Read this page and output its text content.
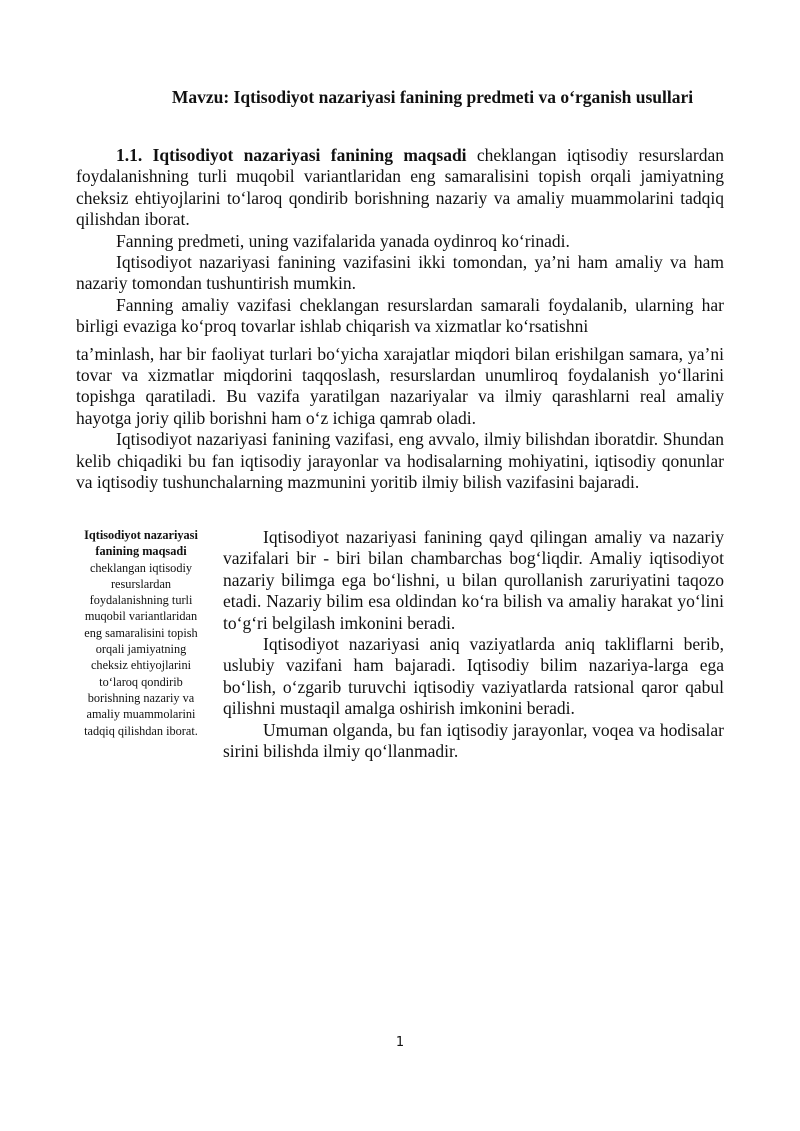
Mavzu: Iqtisodiyot nazariyasi fanining predmeti va o‘rganish usullari

1.1. Iqtisodiyot nazariyasi fanining maqsadi cheklangan iqtisodiy resurslardan foydalanishning turli muqobil variantlaridan eng samaralisini topish orqali jamiyatning cheksiz ehtiyojlarini to‘laroq qondirib borishning nazariy va amaliy muammolarini tadqiq qilishdan iborat.

Fanning predmeti, uning vazifalarida yanada oydinroq ko‘rinadi.

Iqtisodiyot nazariyasi fanining vazifasini ikki tomondan, ya’ni ham amaliy va ham nazariy tomondan tushuntirish mumkin.

Fanning amaliy vazifasi cheklangan resurslardan samarali foydalanib, ularning har birligi evaziga ko‘proq tovarlar ishlab chiqarish va xizmatlar ko‘rsatishni

ta’minlash, har bir faoliyat turlari bo‘yicha xarajatlar miqdori bilan erishilgan samara, ya’ni tovar va xizmatlar miqdorini taqqoslash, resurslardan unumliroq foydalanish yo‘llarini topishga qaratiladi. Bu vazifa yaratilgan nazariyalar va ilmiy qarashlarni real amaliy hayotga joriy qilib borishni ham o‘z ichiga qamrab oladi.

Iqtisodiyot nazariyasi fanining vazifasi, eng avvalo, ilmiy bilishdan iboratdir. Shundan kelib chiqadiki bu fan iqtisodiy jarayonlar va hodisalarning mohiyatini, iqtisodiy qonunlar va iqtisodiy tushunchalarning mazmunini yoritib ilmiy bilish vazifasini bajaradi.

Iqtisodiyot nazariyasi fanining maqsadi cheklangan iqtisodiy resurslardan foydalanishning turli muqobil variantlaridan eng samaralisini topish orqali jamiyatning cheksiz ehtiyojlarini to‘laroq qondirib borishning nazariy va amaliy muammolarini tadqiq qilishdan iborat.

Iqtisodiyot nazariyasi fanining qayd qilingan amaliy va nazariy vazifalari bir - biri bilan chambarchas bog‘liqdir. Amaliy iqtisodiyot nazariy bilimga ega bo‘lishni, u bilan qurollanish zaruriyatini taqozo etadi. Nazariy bilim esa oldindan ko‘ra bilish va amaliy harakat yo‘lini to‘g‘ri belgilash imkonini beradi.

Iqtisodiyot nazariyasi aniq vaziyatlarda aniq takliflarni berib, uslubiy vazifani ham bajaradi. Iqtisodiy bilim nazariya-larga ega bo‘lish, o‘zgarib turuvchi iqtisodiy vaziyatlarda ratsional qaror qabul qilishni mustaqil amalga oshirish imkonini beradi.

Umuman olganda, bu fan iqtisodiy jarayonlar, voqea va hodisalar sirini bilishda ilmiy qo‘llanmadir.

1
